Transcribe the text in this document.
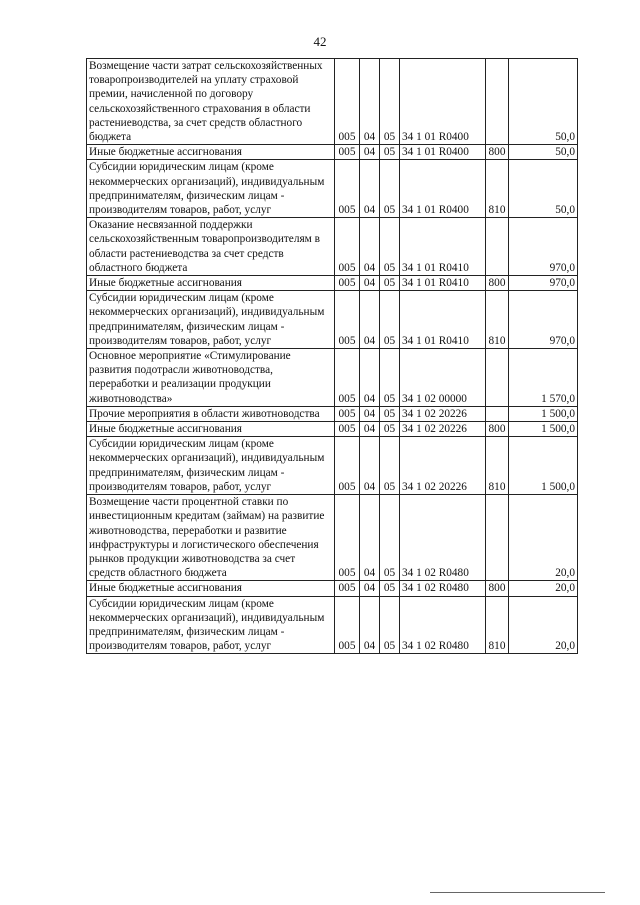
42
Возмещение части затрат сельскохозяйственных товаропроизводителей на уплату страховой премии, начисленной по договору сельскохозяйственного страхования в области растениеводства, за счет средств областного бюджета	005	04	05	34 1 01 R0400		50,0
Иные бюджетные ассигнования	005	04	05	34 1 01 R0400	800	50,0
Субсидии юридическим лицам (кроме некоммерческих организаций), индивидуальным предпринимателям, физическим лицам - производителям товаров, работ, услуг	005	04	05	34 1 01 R0400	810	50,0
Оказание несвязанной поддержки сельскохозяйственным товаропроизводителям в области растениеводства за счет средств областного бюджета	005	04	05	34 1 01 R0410		970,0
Иные бюджетные ассигнования	005	04	05	34 1 01 R0410	800	970,0
Субсидии юридическим лицам (кроме некоммерческих организаций), индивидуальным предпринимателям, физическим лицам - производителям товаров, работ, услуг	005	04	05	34 1 01 R0410	810	970,0
Основное мероприятие «Стимулирование развития подотрасли животноводства, переработки и реализации продукции животноводства»	005	04	05	34 1 02 00000		1 570,0
Прочие мероприятия в области животноводства	005	04	05	34 1 02 20226		1 500,0
Иные бюджетные ассигнования	005	04	05	34 1 02 20226	800	1 500,0
Субсидии юридическим лицам (кроме некоммерческих организаций), индивидуальным предпринимателям, физическим лицам - производителям товаров, работ, услуг	005	04	05	34 1 02 20226	810	1 500,0
Возмещение части процентной ставки по инвестиционным кредитам (займам) на развитие животноводства, переработки и развитие инфраструктуры и логистического обеспечения рынков продукции животноводства за счет средств областного бюджета	005	04	05	34 1 02 R0480		20,0
Иные бюджетные ассигнования	005	04	05	34 1 02 R0480	800	20,0
Субсидии юридическим лицам (кроме некоммерческих организаций), индивидуальным предпринимателям, физическим лицам - производителям товаров, работ, услуг	005	04	05	34 1 02 R0480	810	20,0
